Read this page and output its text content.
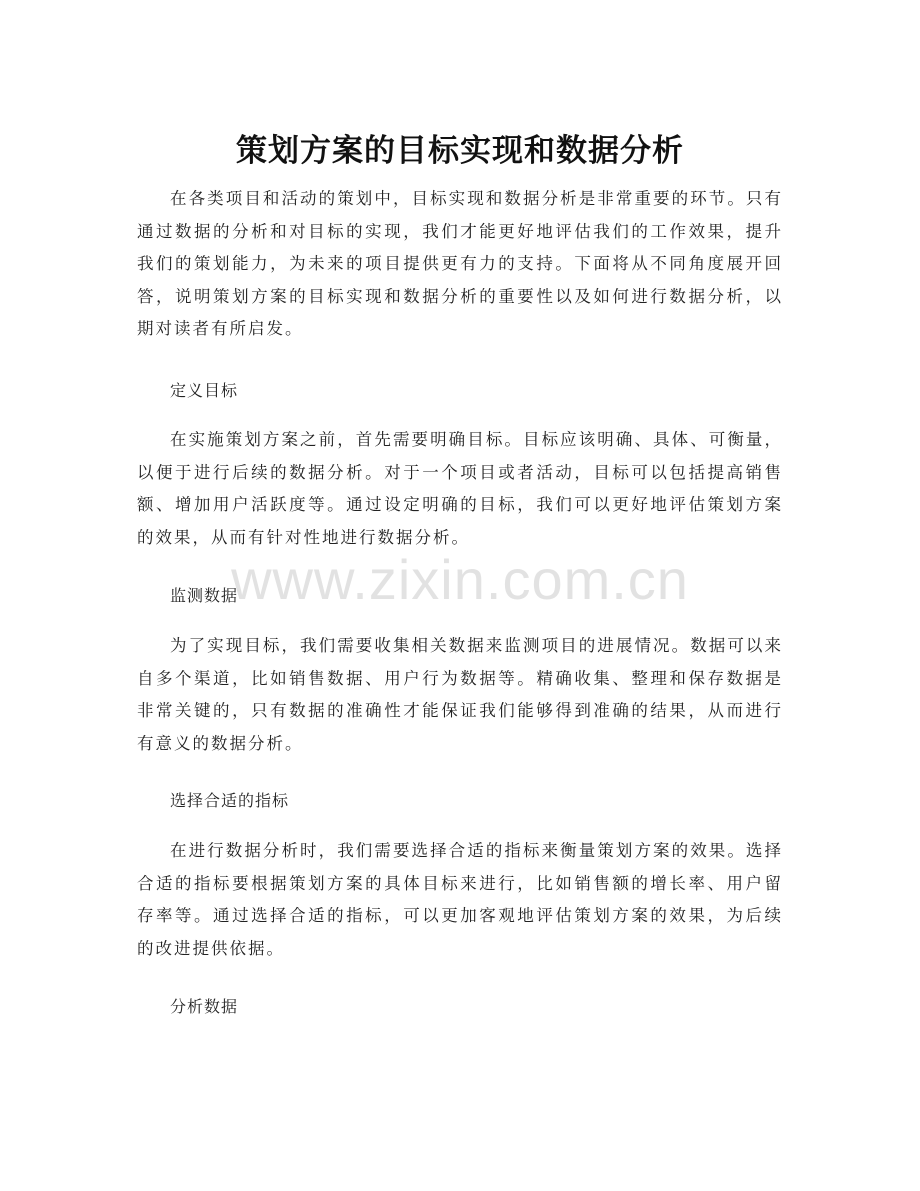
策划方案的目标实现和数据分析

在各类项目和活动的策划中，目标实现和数据分析是非常重要的环节。只有通过数据的分析和对目标的实现，我们才能更好地评估我们的工作效果，提升我们的策划能力，为未来的项目提供更有力的支持。下面将从不同角度展开回答，说明策划方案的目标实现和数据分析的重要性以及如何进行数据分析，以期对读者有所启发。

定义目标

在实施策划方案之前，首先需要明确目标。目标应该明确、具体、可衡量，以便于进行后续的数据分析。对于一个项目或者活动，目标可以包括提高销售额、增加用户活跃度等。通过设定明确的目标，我们可以更好地评估策划方案的效果，从而有针对性地进行数据分析。

监测数据

为了实现目标，我们需要收集相关数据来监测项目的进展情况。数据可以来自多个渠道，比如销售数据、用户行为数据等。精确收集、整理和保存数据是非常关键的，只有数据的准确性才能保证我们能够得到准确的结果，从而进行有意义的数据分析。

选择合适的指标

在进行数据分析时，我们需要选择合适的指标来衡量策划方案的效果。选择合适的指标要根据策划方案的具体目标来进行，比如销售额的增长率、用户留存率等。通过选择合适的指标，可以更加客观地评估策划方案的效果，为后续的改进提供依据。

分析数据

www.zixin.com.cn
